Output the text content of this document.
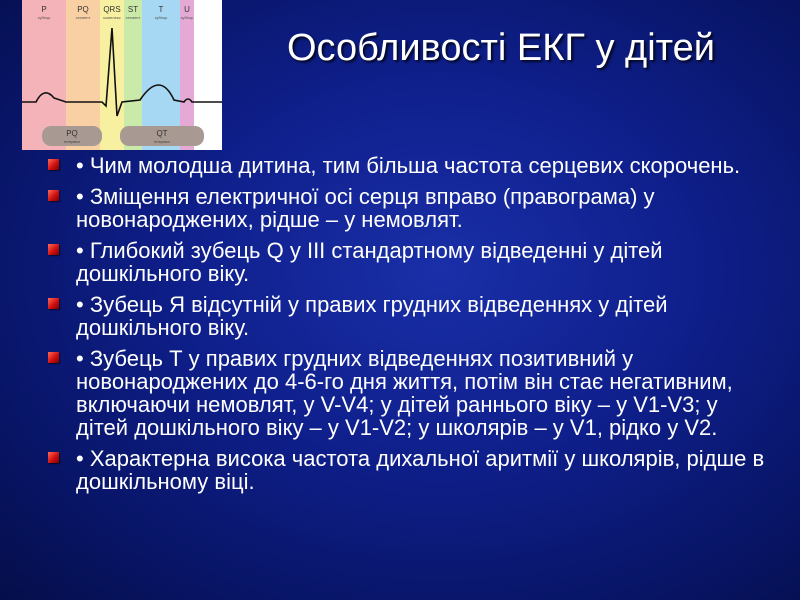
P
зубець
PQ
сегмент
QRS
комплекс
ST
сегмент
T
зубець
U
зубець
PQ
інтервал
QT
інтервал
Особливості ЕКГ у дітей
• Чим молодша дитина, тим більша частота серцевих скорочень.
• Зміщення електричної осі серця вправо (правограма) у новонароджених, рідше – у немовлят.
• Глибокий зубець Q у III стандартному відведенні у дітей дошкільного віку.
• Зубець Я відсутній у правих грудних відведеннях у дітей дошкільного віку.
• Зубець Т у правих грудних відведеннях позитивний у новонароджених до 4-6-го дня життя, потім він стає негативним, включаючи немовлят, у V-V4; у дітей раннього віку – у V1-V3; у дітей дошкільного віку – у V1-V2; у школярів – у V1, рідко у V2.
• Характерна висока частота дихальної аритмії у школярів, рідше в дошкільному віці.
